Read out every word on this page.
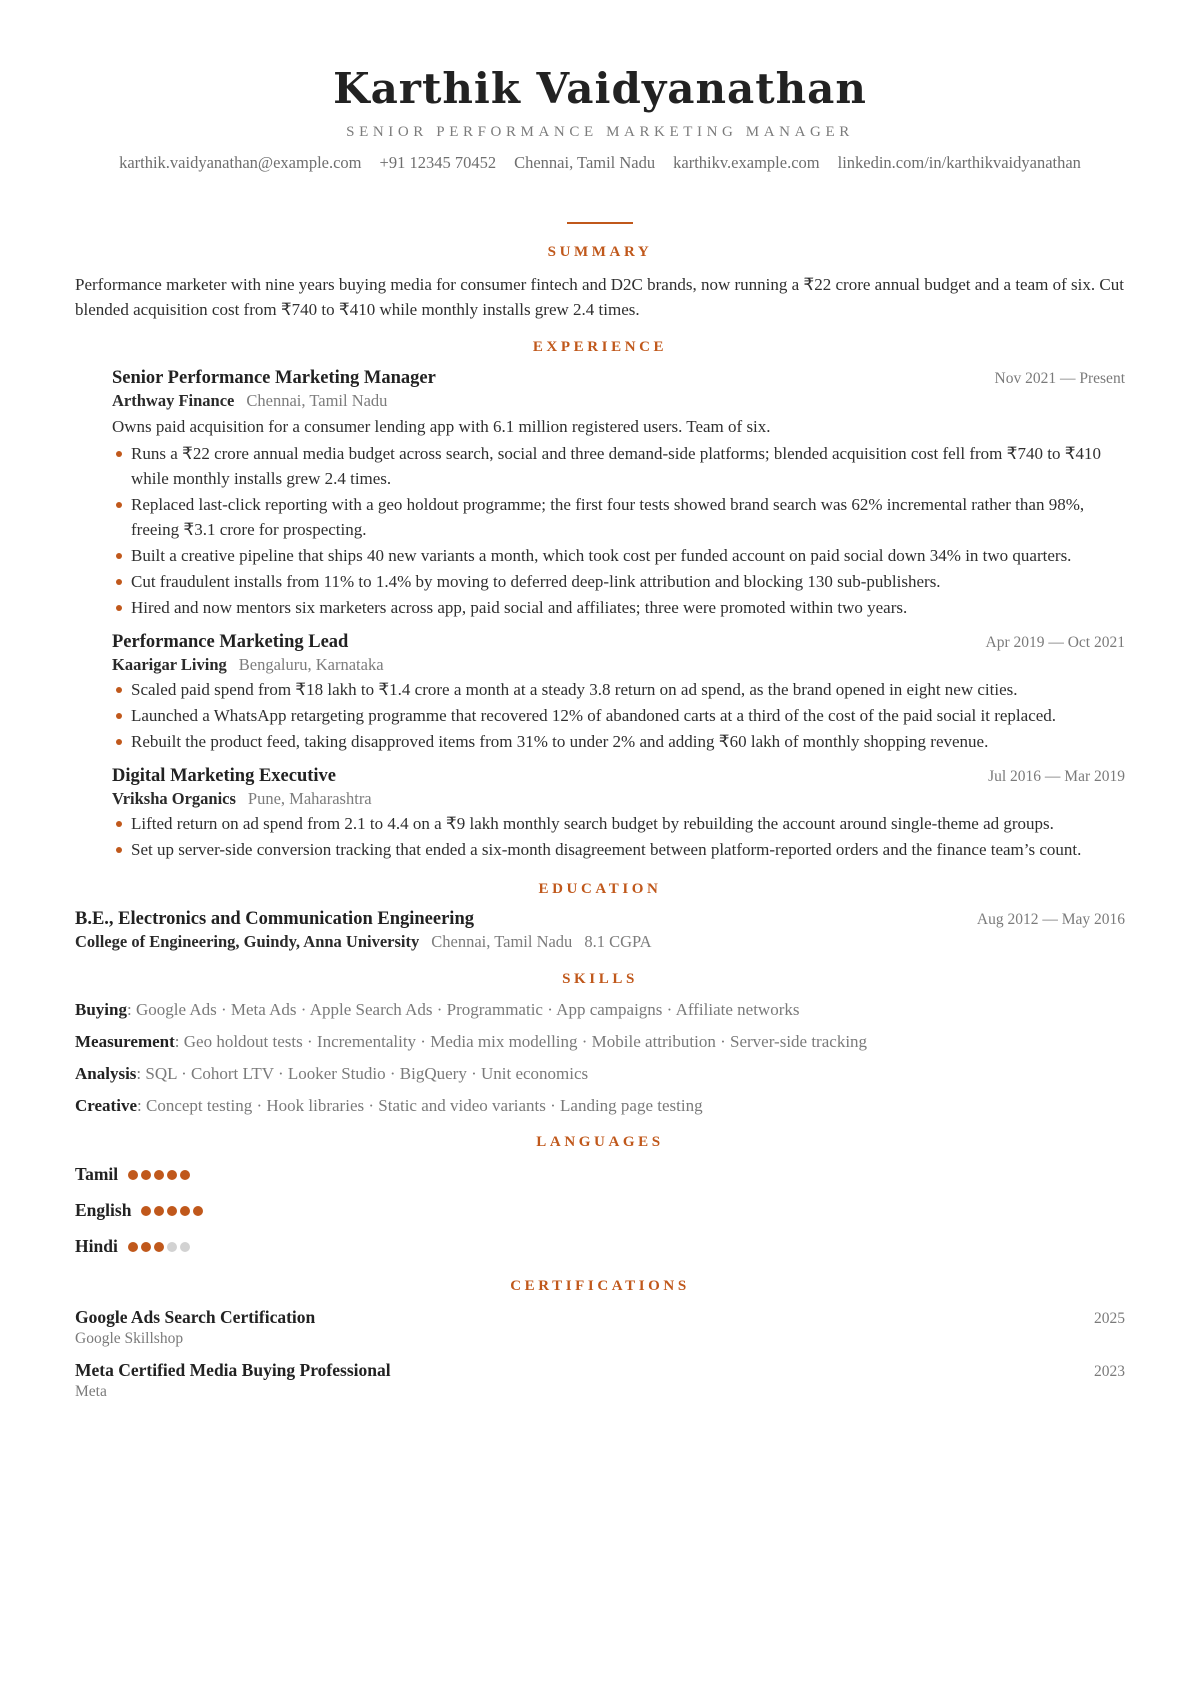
Karthik Vaidyanathan
SENIOR PERFORMANCE MARKETING MANAGER
karthik.vaidyanathan@example.com +91 12345 70452 Chennai, Tamil Nadu karthikv.example.com linkedin.com/in/karthikvaidyanathan
SUMMARY

Performance marketer with nine years buying media for consumer fintech and D2C brands, now running a ₹22 crore annual budget and a team of six. Cut blended acquisition cost from ₹740 to ₹410 while monthly installs grew 2.4 times.

EXPERIENCE
Senior Performance Marketing Manager	Nov 2021 — Present
Arthway Finance Chennai, Tamil Nadu
Owns paid acquisition for a consumer lending app with 6.1 million registered users. Team of six.
Runs a ₹22 crore annual media budget across search, social and three demand-side platforms; blended acquisition cost fell from ₹740 to ₹410 while monthly installs grew 2.4 times.
Replaced last-click reporting with a geo holdout programme; the first four tests showed brand search was 62% incremental rather than 98%, freeing ₹3.1 crore for prospecting.
Built a creative pipeline that ships 40 new variants a month, which took cost per funded account on paid social down 34% in two quarters.
Cut fraudulent installs from 11% to 1.4% by moving to deferred deep-link attribution and blocking 130 sub-publishers.
Hired and now mentors six marketers across app, paid social and affiliates; three were promoted within two years.
Performance Marketing Lead	Apr 2019 — Oct 2021
Kaarigar Living Bengaluru, Karnataka
Scaled paid spend from ₹18 lakh to ₹1.4 crore a month at a steady 3.8 return on ad spend, as the brand opened in eight new cities.
Launched a WhatsApp retargeting programme that recovered 12% of abandoned carts at a third of the cost of the paid social it replaced.
Rebuilt the product feed, taking disapproved items from 31% to under 2% and adding ₹60 lakh of monthly shopping revenue.
Digital Marketing Executive	Jul 2016 — Mar 2019
Vriksha Organics Pune, Maharashtra
Lifted return on ad spend from 2.1 to 4.4 on a ₹9 lakh monthly search budget by rebuilding the account around single-theme ad groups.
Set up server-side conversion tracking that ended a six-month disagreement between platform-reported orders and the finance team’s count.
EDUCATION
B.E., Electronics and Communication Engineering	Aug 2012 — May 2016
College of Engineering, Guindy, Anna University Chennai, Tamil Nadu 8.1 CGPA
SKILLS
Buying: Google Ads · Meta Ads · Apple Search Ads · Programmatic · App campaigns · Affiliate networks
Measurement: Geo holdout tests · Incrementality · Media mix modelling · Mobile attribution · Server-side tracking
Analysis: SQL · Cohort LTV · Looker Studio · BigQuery · Unit economics
Creative: Concept testing · Hook libraries · Static and video variants · Landing page testing
LANGUAGES
Tamil
English
Hindi
CERTIFICATIONS
Google Ads Search Certification	2025
Google Skillshop
Meta Certified Media Buying Professional	2023
Meta
